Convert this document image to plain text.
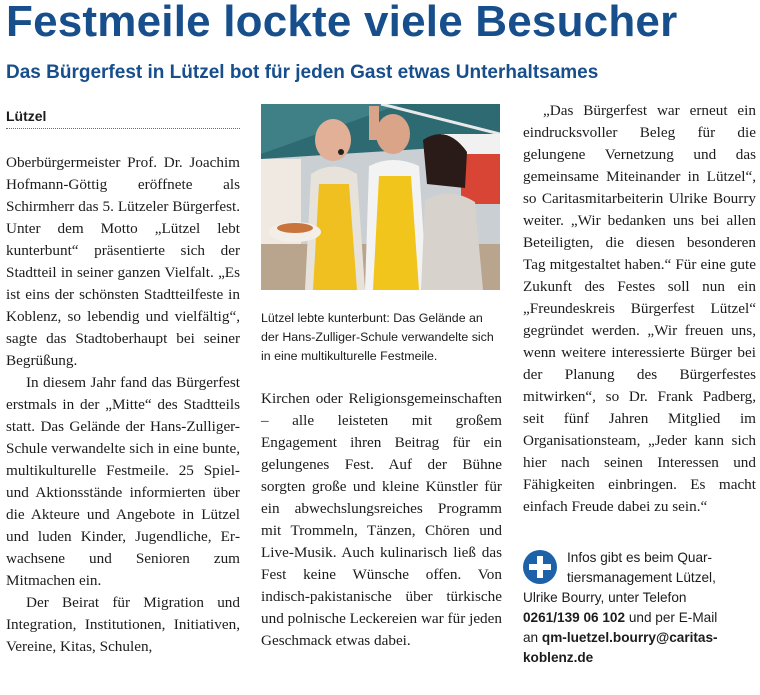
Festmeile lockte viele Besucher
Das Bürgerfest in Lützel bot für jeden Gast etwas Unterhaltsames
Lützel

Oberbürgermeister Prof. Dr. Joachim Hofmann-Göttig eröffnete als Schirmherr das 5. Lützeler Bürgerfest. Unter dem Motto „Lützel lebt kunterbunt“ präsentierte sich der Stadtteil in seiner ganzen Vielfalt. „Es ist eins der schönsten Stadtteilfeste in Koblenz, so lebendig und vielfältig“, sagte das Stadtoberhaupt bei seiner Begrüßung.

In diesem Jahr fand das Bürgerfest erstmals in der „Mitte“ des Stadtteils statt. Das Gelände der Hans-Zulliger-Schule verwandelte sich in eine bunte, multikulturelle Festmeile. 25 Spiel- und Aktionsstände informierten über die Akteure und Angebote in Lützel und luden Kinder, Jugendliche, Erwachsene und Senioren zum Mitmachen ein.

Der Beirat für Migration und Integration, Institutionen, Initiativen, Vereine, Kitas, Schulen,

Lützel lebte kunterbunt: Das Gelände an der Hans-Zulliger-Schule verwandelte sich in eine multikulturelle Festmeile.

Kirchen oder Religionsgemeinschaften – alle leisteten mit großem Engagement ihren Beitrag für ein gelungenes Fest. Auf der Bühne sorgten große und kleine Künstler für ein abwechslungsreiches Programm mit Trommeln, Tänzen, Chören und Live-Musik. Auch kulinarisch ließ das Fest keine Wünsche offen. Von indisch-pakistanische über türkische und polnische Leckereien war für jeden Geschmack etwas dabei.

„Das Bürgerfest war erneut ein eindrucksvoller Beleg für die gelungene Vernetzung und das gemeinsame Miteinander in Lützel“, so Caritasmitarbeiterin Ulrike Bourry weiter. „Wir bedanken uns bei allen Beteiligten, die diesen besonderen Tag mitgestaltet haben.“ Für eine gute Zukunft des Festes soll nun ein „Freundeskreis Bürgerfest Lützel“ gegründet werden. „Wir freuen uns, wenn weitere interessierte Bürger bei der Planung des Bürgerfestes mitwirken“, so Dr. Frank Padberg, seit fünf Jahren Mitglied im Organisationsteam, „Jeder kann sich hier nach seinen Interessen und Fähigkeiten einbringen. Es macht einfach Freude dabei zu sein.“

Infos gibt es beim Quar-
tiersmanagement Lützel,
Ulrike Bourry, unter Telefon
0261/139 06 102 und per E-Mail
an qm-luetzel.bourry@caritas-
koblenz.de
